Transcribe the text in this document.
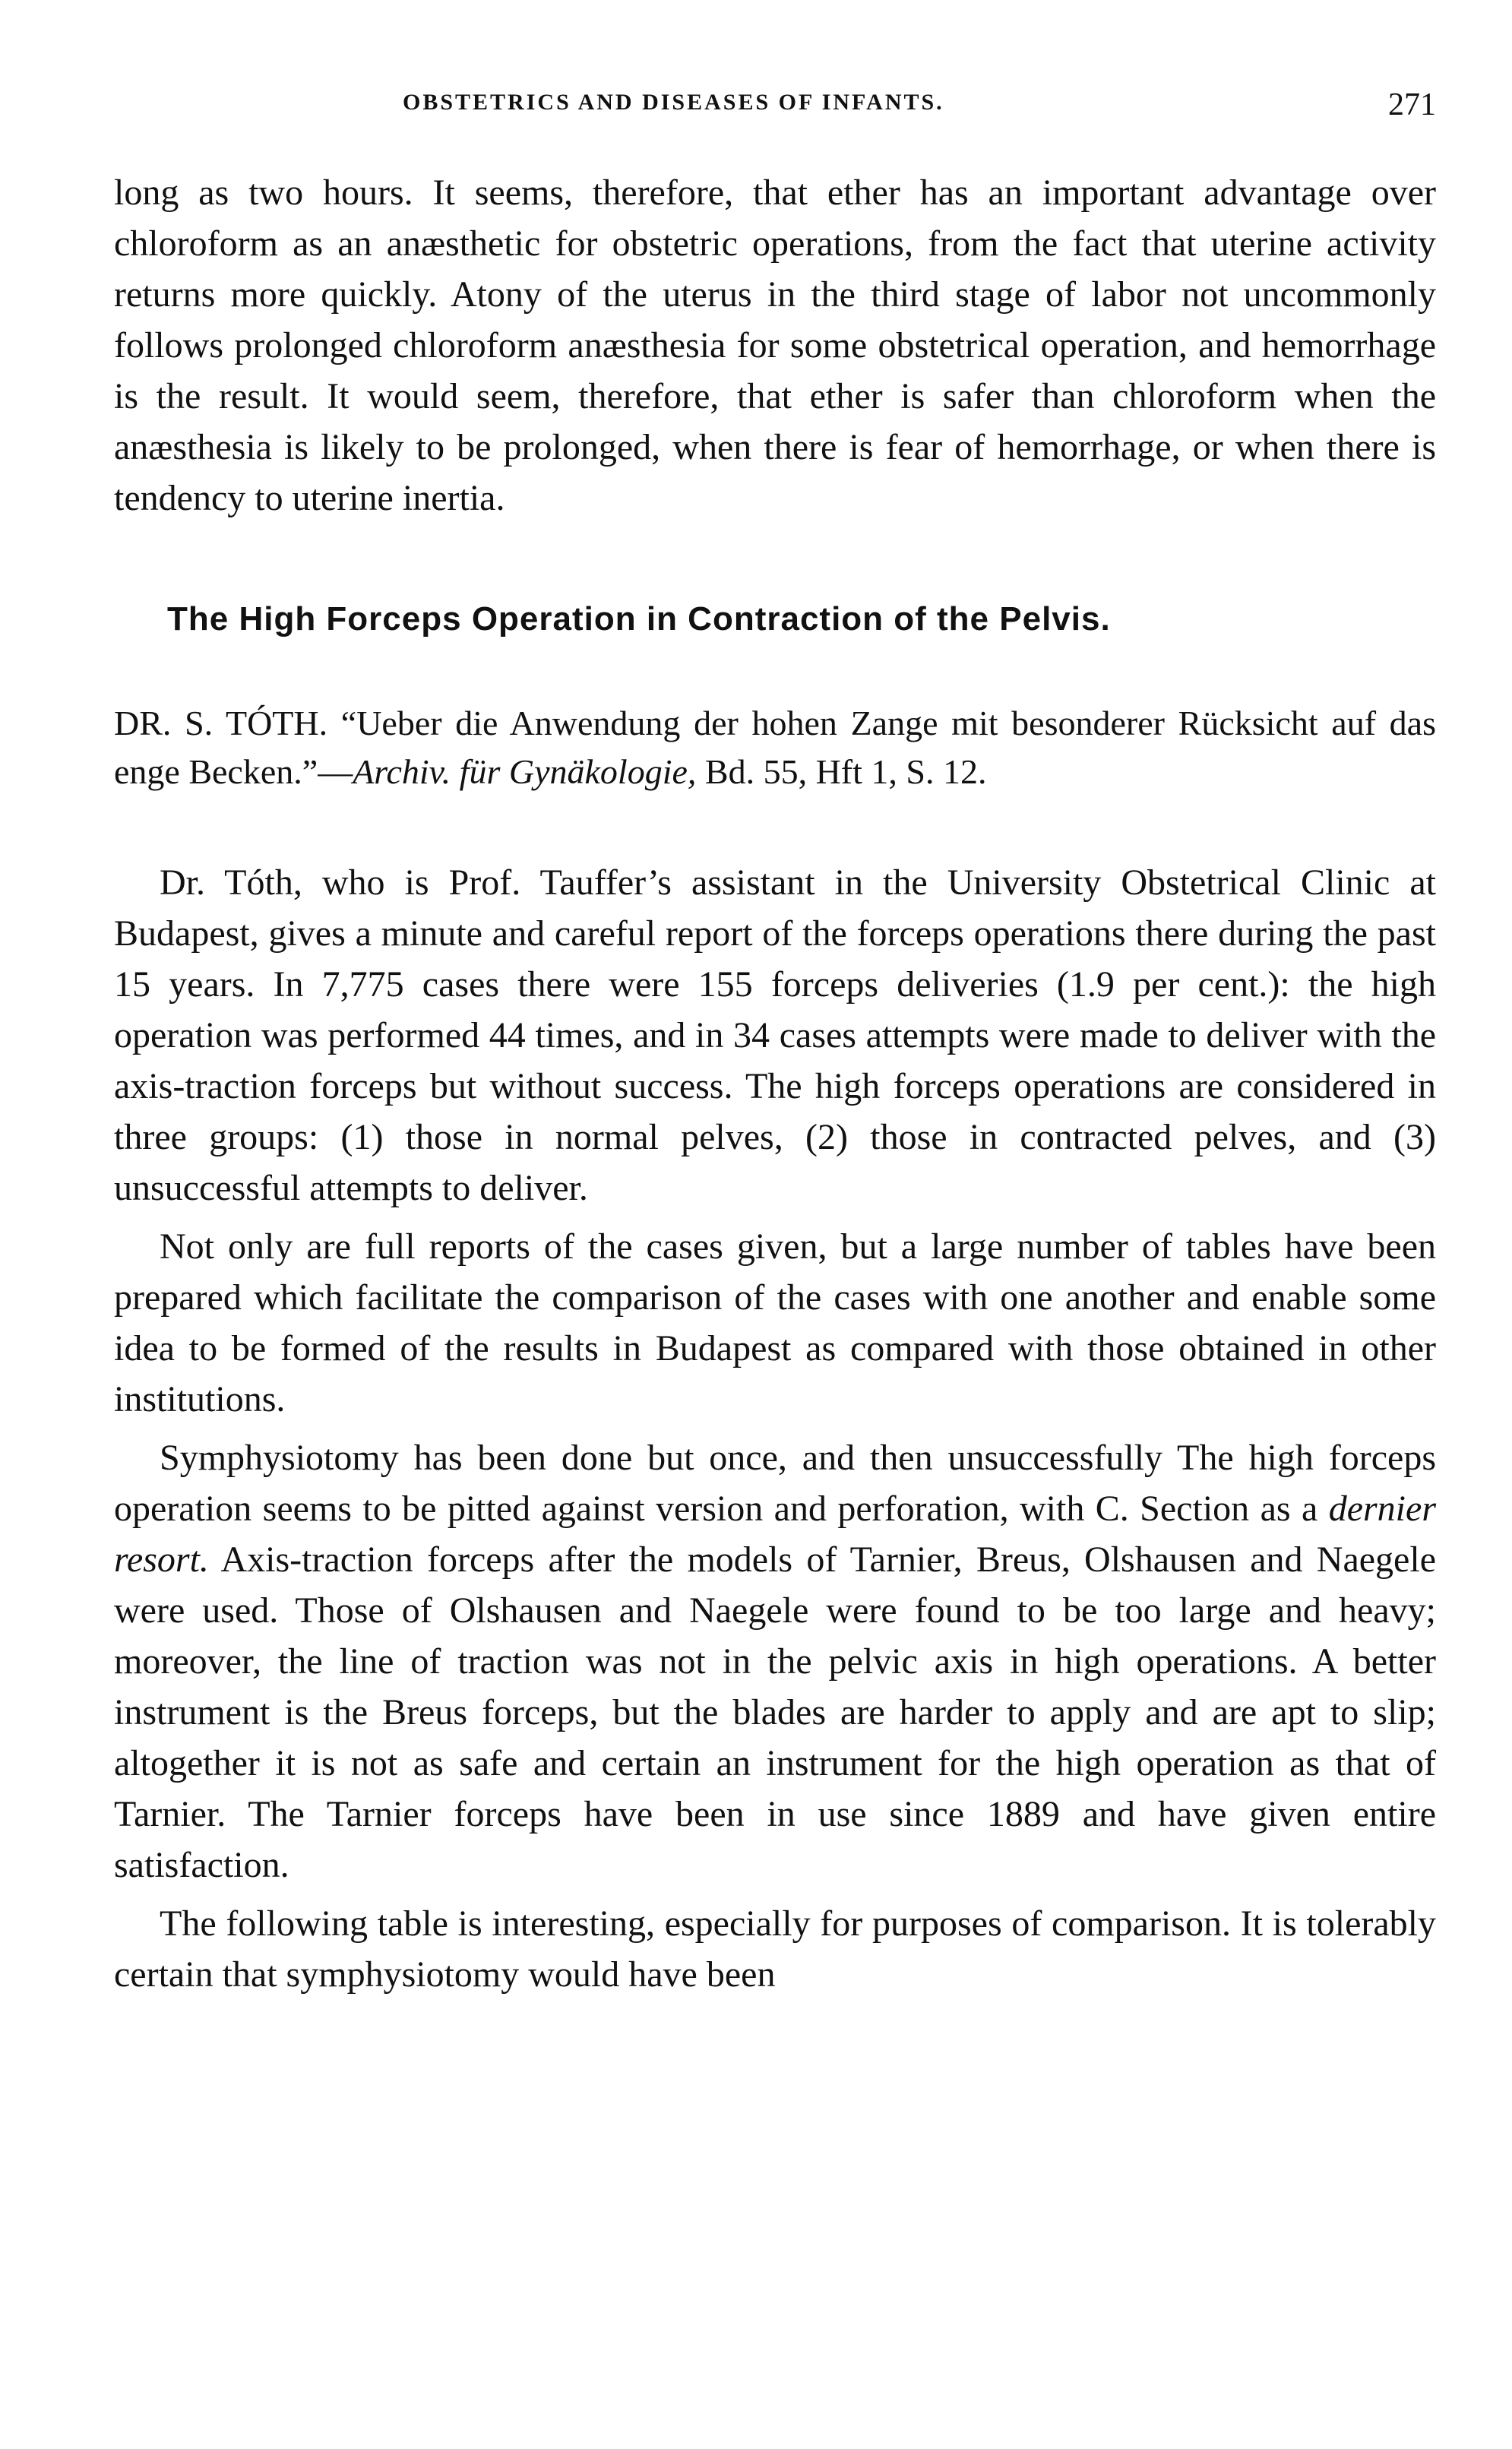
OBSTETRICS AND DISEASES OF INFANTS.	271

long as two hours. It seems, therefore, that ether has an important advantage over chloroform as an anæsthetic for obstetric operations, from the fact that uterine activity returns more quickly. Atony of the uterus in the third stage of labor not uncommonly follows prolonged chloroform anæsthesia for some obstetrical operation, and hemorrhage is the result. It would seem, therefore, that ether is safer than chloroform when the anæsthesia is likely to be prolonged, when there is fear of hemorrhage, or when there is tendency to uterine inertia.

The High Forceps Operation in Contraction of the Pelvis.
DR. S. TÓTH. “Ueber die Anwendung der hohen Zange mit besonderer Rücksicht auf das enge Becken.”—Archiv. für Gynäkologie, Bd. 55, Hft 1, S. 12.

Dr. Tóth, who is Prof. Tauffer’s assistant in the University Obstetrical Clinic at Budapest, gives a minute and careful report of the forceps operations there during the past 15 years. In 7,775 cases there were 155 forceps deliveries (1.9 per cent.): the high operation was performed 44 times, and in 34 cases attempts were made to deliver with the axis-traction forceps but without success. The high forceps operations are considered in three groups: (1) those in normal pelves, (2) those in contracted pelves, and (3) unsuccessful attempts to deliver.

Not only are full reports of the cases given, but a large number of tables have been prepared which facilitate the comparison of the cases with one another and enable some idea to be formed of the results in Budapest as compared with those obtained in other institutions.

Symphysiotomy has been done but once, and then unsuccessfully The high forceps operation seems to be pitted against version and perforation, with C. Section as a dernier resort. Axis-traction forceps after the models of Tarnier, Breus, Olshausen and Naegele were used. Those of Olshausen and Naegele were found to be too large and heavy; moreover, the line of traction was not in the pelvic axis in high operations. A better instrument is the Breus forceps, but the blades are harder to apply and are apt to slip; altogether it is not as safe and certain an instrument for the high operation as that of Tarnier. The Tarnier forceps have been in use since 1889 and have given entire satisfaction.

The following table is interesting, especially for purposes of comparison. It is tolerably certain that symphysiotomy would have been
